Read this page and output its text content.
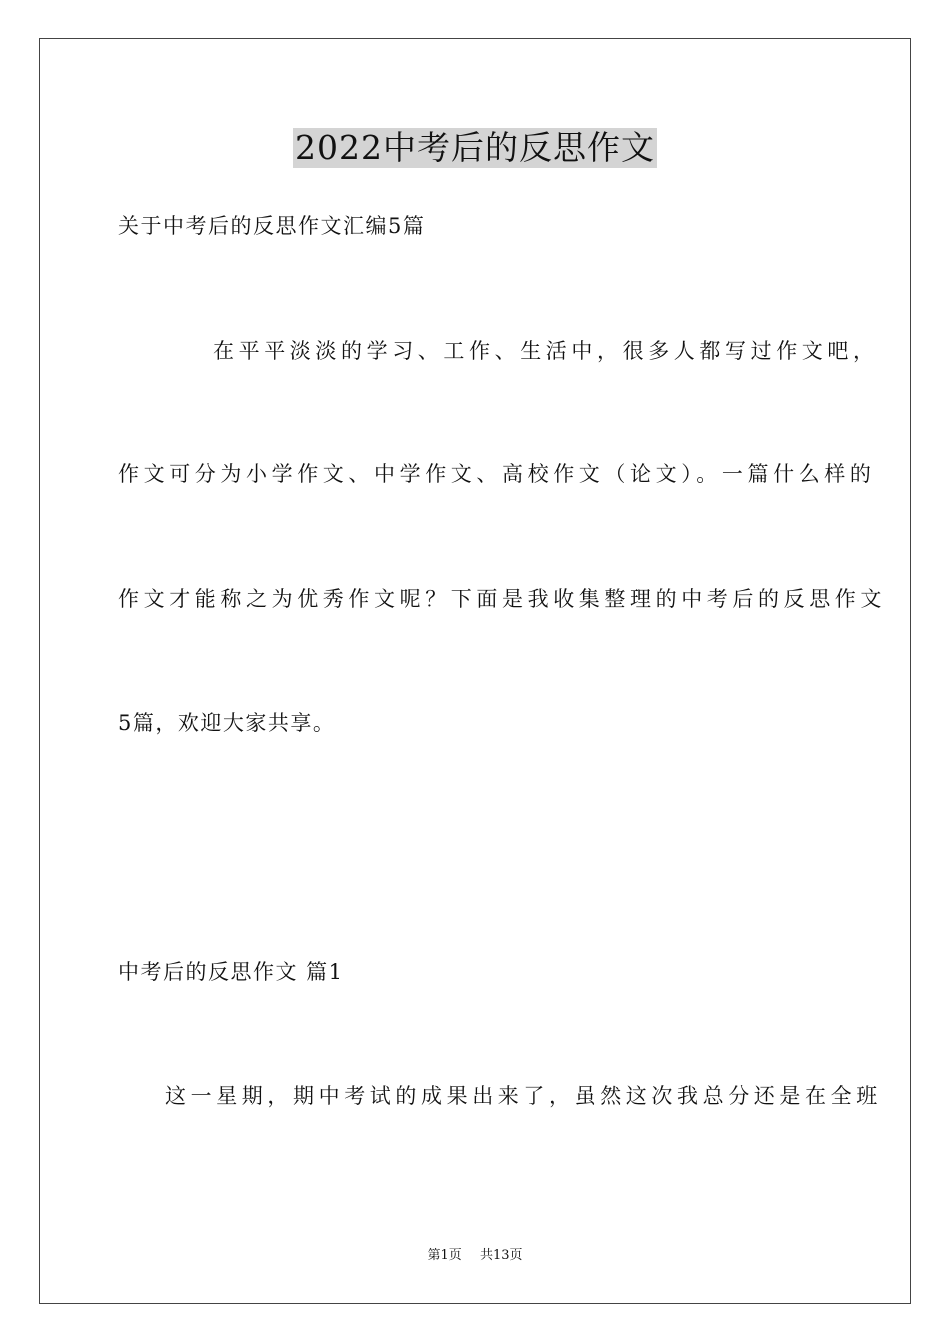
2022中考后的反思作文
关于中考后的反思作文汇编5篇
在平平淡淡的学习、工作、生活中，很多人都写过作文吧，
作文可分为小学作文、中学作文、高校作文（论文）。一篇什么样的
作文才能称之为优秀作文呢？下面是我收集整理的中考后的反思作文
5篇，欢迎大家共享。
中考后的反思作文 篇1
这一星期，期中考试的成果出来了，虽然这次我总分还是在全班
第1页 共13页
